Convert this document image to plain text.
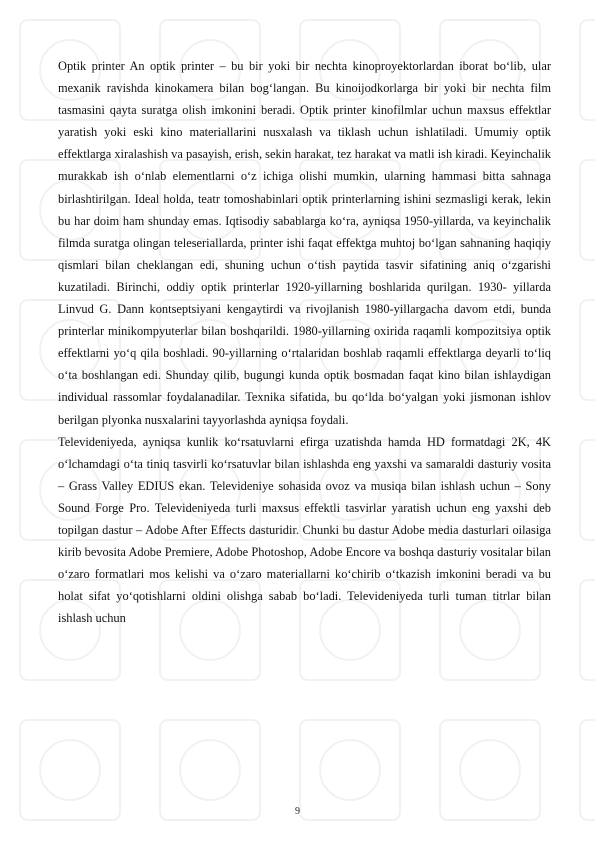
Optik printer An optik printer – bu bir yoki bir nechta kinoproyektorlardan iborat bo‘lib, ular mexanik ravishda kinokamera bilan bog‘langan. Bu kinoijodkorlarga bir yoki bir nechta film tasmasini qayta suratga olish imkonini beradi. Optik printer kinofilmlar uchun maxsus effektlar yaratish yoki eski kino materiallarini nusxalash va tiklash uchun ishlatiladi. Umumiy optik effektlarga xiralashish va pasayish, erish, sekin harakat, tez harakat va matli ish kiradi. Keyinchalik murakkab ish o‘nlab elementlarni o‘z ichiga olishi mumkin, ularning hammasi bitta sahnaga birlashtirilgan. Ideal holda, teatr tomoshabinlari optik printerlarning ishini sezmasligi kerak, lekin bu har doim ham shunday emas. Iqtisodiy sabablarga ko‘ra, ayniqsa 1950-yillarda, va keyinchalik filmda suratga olingan teleseriallarda, printer ishi faqat effektga muhtoj bo‘lgan sahnaning haqiqiy qismlari bilan cheklangan edi, shuning uchun o‘tish paytida tasvir sifatining aniq o‘zgarishi kuzatiladi. Birinchi, oddiy optik printerlar 1920-yillarning boshlarida qurilgan. 1930- yillarda Linvud G. Dann kontseptsiyani kengaytirdi va rivojlanish 1980-yillargacha davom etdi, bunda printerlar minikompyuterlar bilan boshqarildi. 1980-yillarning oxirida raqamli kompozitsiya optik effektlarni yo‘q qila boshladi. 90-yillarning o‘rtalaridan boshlab raqamli effektlarga deyarli to‘liq o‘ta boshlangan edi. Shunday qilib, bugungi kunda optik bosmadan faqat kino bilan ishlaydigan individual rassomlar foydalanadilar. Texnika sifatida, bu qo‘lda bo‘yalgan yoki jismonan ishlov berilgan plyonka nusxalarini tayyorlashda ayniqsa foydali.

Televideniyeda, ayniqsa kunlik ko‘rsatuvlarni efirga uzatishda hamda HD formatdagi 2K, 4K o‘lchamdagi o‘ta tiniq tasvirli ko‘rsatuvlar bilan ishlashda eng yaxshi va samaraldi dasturiy vosita – Grass Valley EDIUS ekan. Televideniye sohasida ovoz va musiqa bilan ishlash uchun – Sony Sound Forge Pro. Televideniyeda turli maxsus effektli tasvirlar yaratish uchun eng yaxshi deb topilgan dastur – Adobe After Effects dasturidir. Chunki bu dastur Adobe media dasturlari oilasiga kirib bevosita Adobe Premiere, Adobe Photoshop, Adobe Encore va boshqa dasturiy vositalar bilan o‘zaro formatlari mos kelishi va o‘zaro materiallarni ko‘chirib o‘tkazish imkonini beradi va bu holat sifat yo‘qotishlarni oldini olishga sabab bo‘ladi. Televideniyeda turli tuman titrlar bilan ishlash uchun

9
